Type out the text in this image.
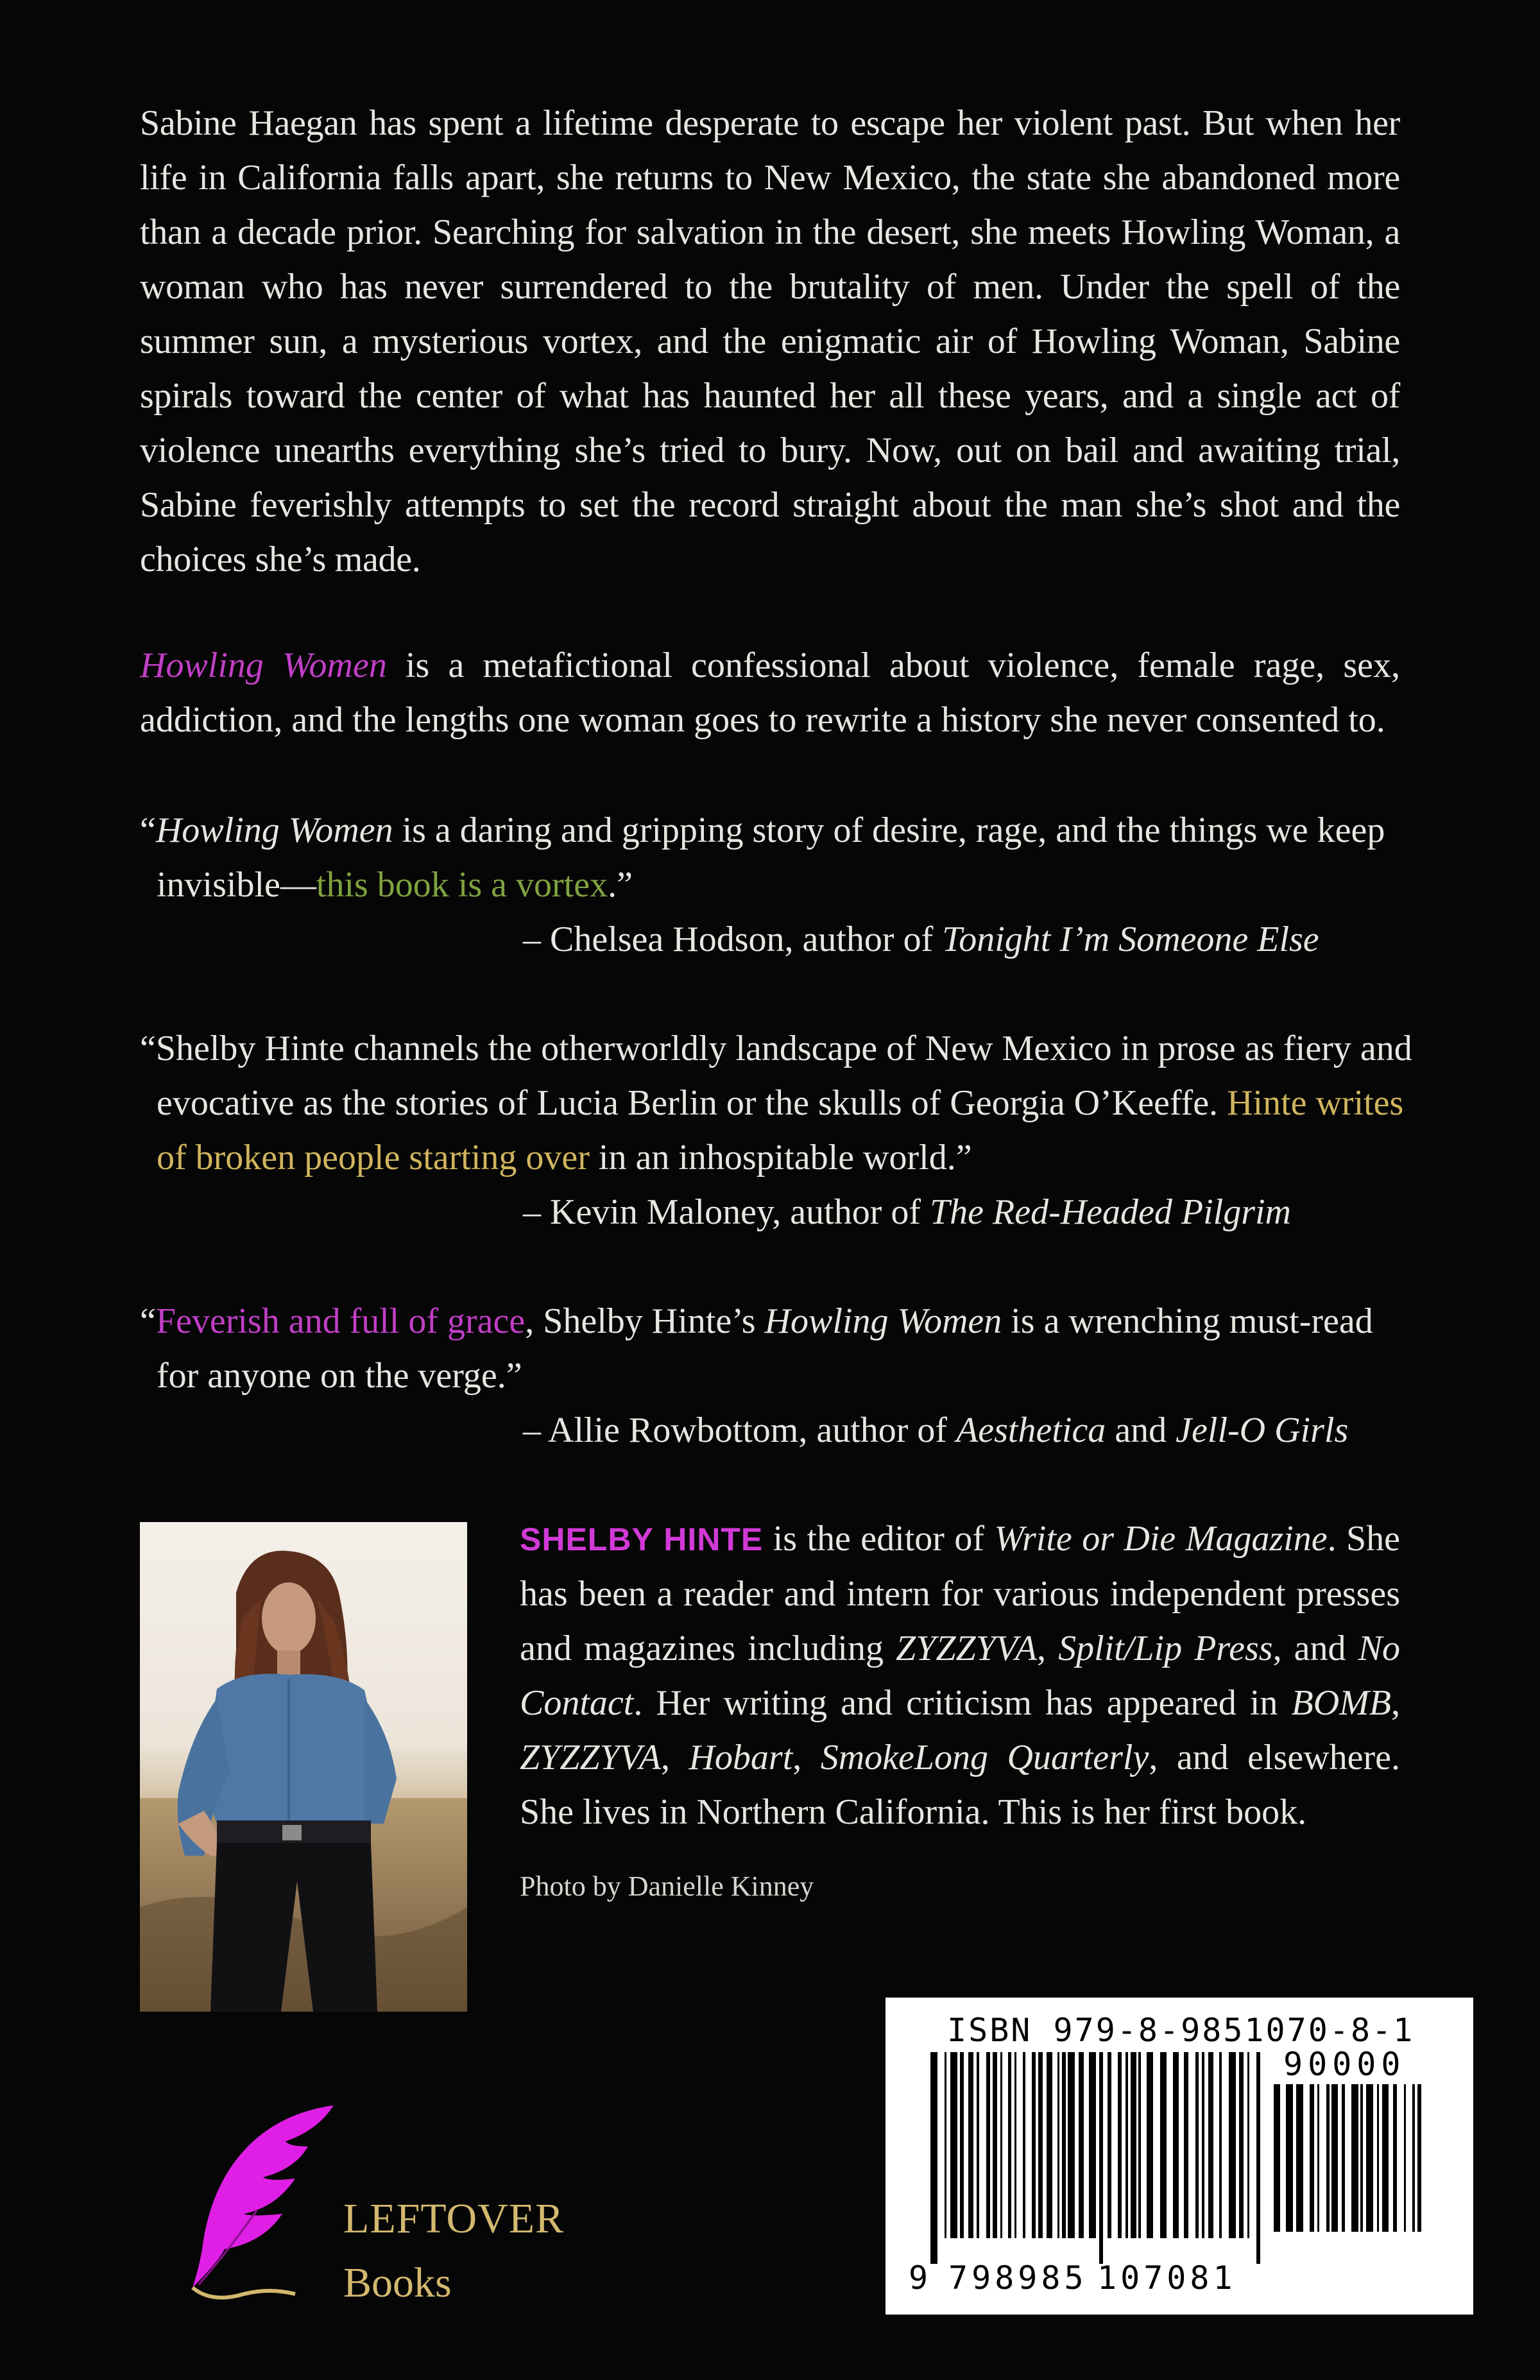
Sabine Haegan has spent a lifetime desperate to escape her violent past. But when her life in California falls apart, she returns to New Mexico, the state she abandoned more than a decade prior. Searching for salvation in the desert, she meets Howling Woman, a woman who has never surrendered to the brutality of men. Under the spell of the summer sun, a mysterious vortex, and the enigmatic air of Howling Woman, Sabine spirals toward the center of what has haunted her all these years, and a single act of violence unearths everything she’s tried to bury. Now, out on bail and awaiting trial, Sabine feverishly attempts to set the record straight about the man she’s shot and the choices she’s made.

Howling Women is a metafictional confessional about violence, female rage, sex, addiction, and the lengths one woman goes to rewrite a history she never consented to.

“Howling Women is a daring and gripping story of desire, rage, and the things we keep invisible—this book is a vortex.”

– Chelsea Hodson, author of Tonight I’m Someone Else

“Shelby Hinte channels the otherworldly landscape of New Mexico in prose as fiery and evocative as the stories of Lucia Berlin or the skulls of Georgia O’Keeffe. Hinte writes of broken people starting over in an inhospitable world.”

– Kevin Maloney, author of The Red-Headed Pilgrim

“Feverish and full of grace, Shelby Hinte’s Howling Women is a wrenching must-read for anyone on the verge.”

– Allie Rowbottom, author of Aesthetica and Jell-O Girls

SHELBY HINTE is the editor of Write or Die Magazine. She has been a reader and intern for various independent presses and magazines including ZYZZYVA, Split/Lip Press, and No Contact. Her writing and criticism has appeared in BOMB, ZYZZYVA, Hobart, SmokeLong Quarterly, and elsewhere. She lives in Northern California. This is her first book.

Photo by Danielle Kinney

LEFTOVER

Books

ISBN 979-8-9851070-8-1
90000
9 798985 107081
